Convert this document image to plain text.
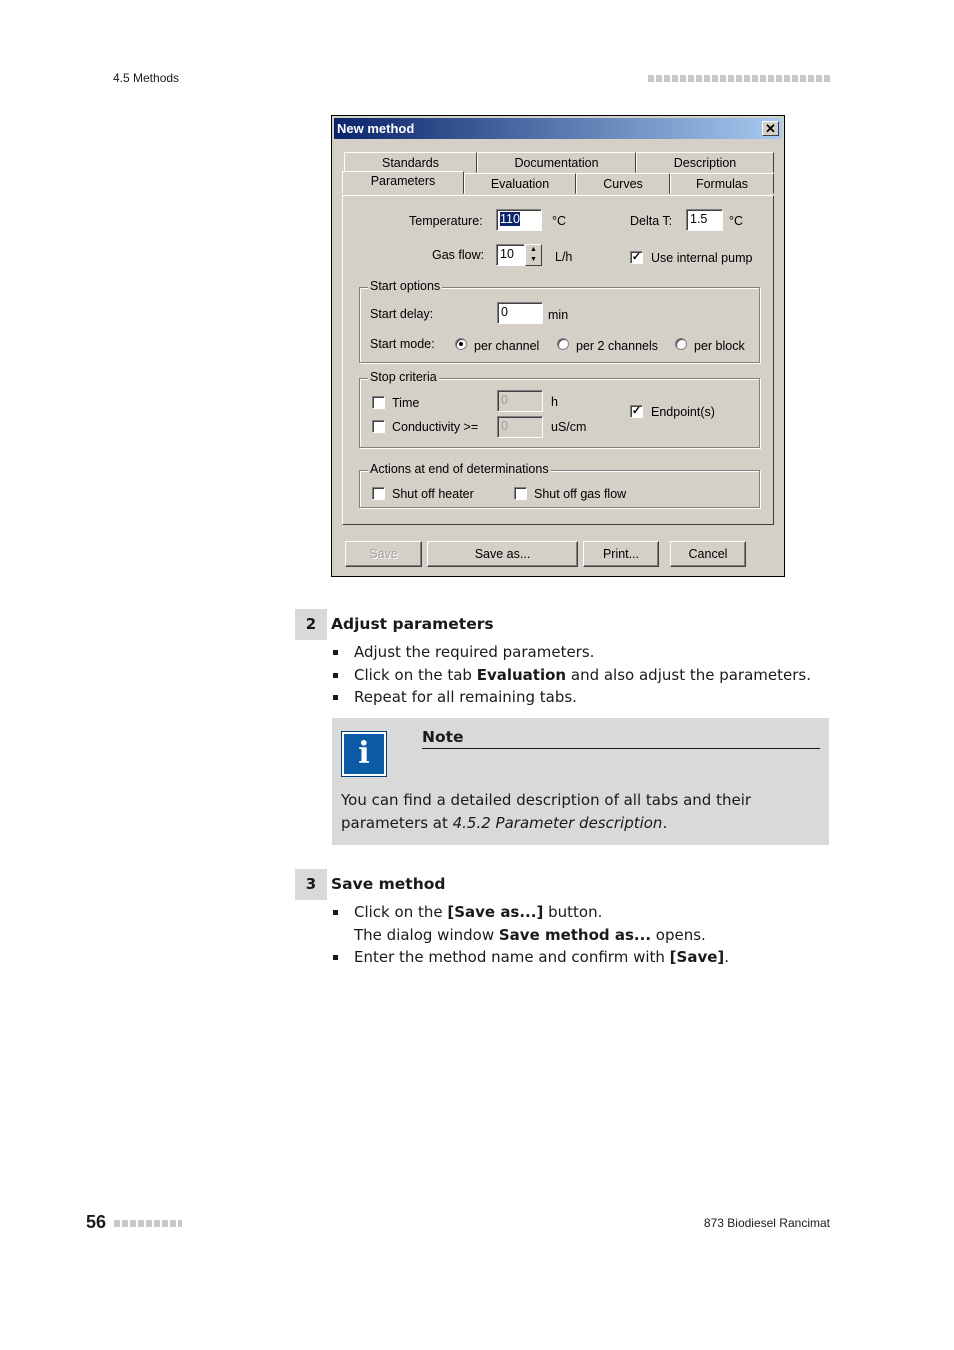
4.5 Methods
New method	✕
Standards	Documentation	Description
Parameters	Evaluation	Curves	Formulas
Temperature:	110	°C	Delta T:	1.5	°C
Gas flow:	10	▲
▼	L/h	✓ Use internal pump
Start options
Start delay:	0	min
Start mode:	per channel	per 2 channels	per block
Stop criteria
Time	0	h
Conductivity >=	0	uS/cm
✓ Endpoint(s)
Actions at end of determinations
Shut off heater	Shut off gas flow
Save	Save as...	Print...	Cancel
2 Adjust parameters
Adjust the required parameters.
Click on the tab Evaluation and also adjust the parameters.
Repeat for all remaining tabs.
i	Note
You can find a detailed description of all tabs and their parameters at 4.5.2 Parameter description.
3 Save method
Click on the [Save as...] button.
The dialog window Save method as... opens.
Enter the method name and confirm with [Save].
56	873 Biodiesel Rancimat
